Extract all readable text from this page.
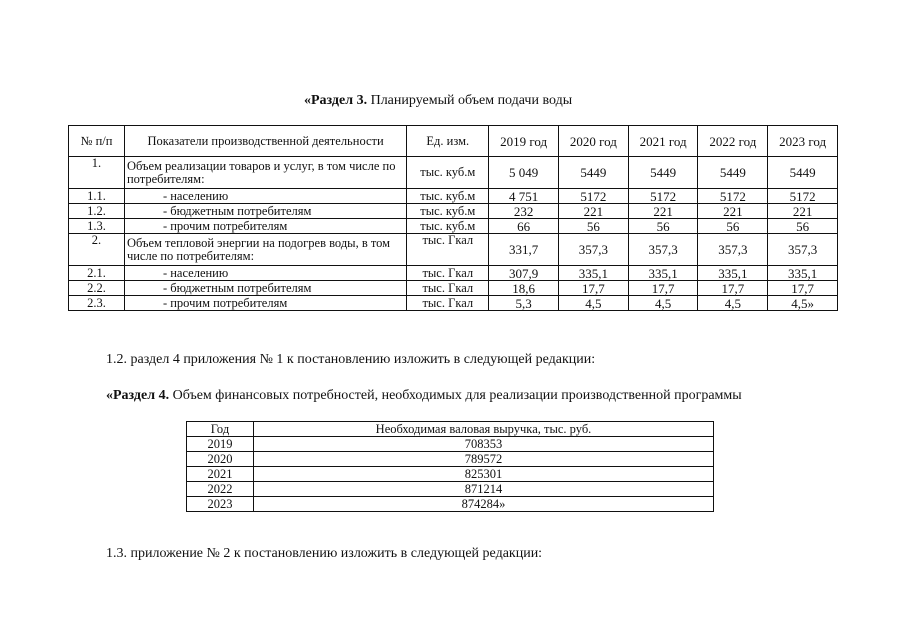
«Раздел 3. Планируемый объем подачи воды
№ п/п	Показатели производственной деятельности	Ед. изм.	2019 год	2020 год	2021 год	2022 год	2023 год
1.	Объем реализации товаров и услуг, в том числе по потребителям:	тыс. куб.м	5 049	5449	5449	5449	5449
1.1.	- населению	тыс. куб.м	4 751	5172	5172	5172	5172
1.2.	- бюджетным потребителям	тыс. куб.м	232	221	221	221	221
1.3.	- прочим потребителям	тыс. куб.м	66	56	56	56	56
2.	Объем тепловой энергии на подогрев воды, в том числе по потребителям:	тыс. Гкал	331,7	357,3	357,3	357,3	357,3
2.1.	- населению	тыс. Гкал	307,9	335,1	335,1	335,1	335,1
2.2.	- бюджетным потребителям	тыс. Гкал	18,6	17,7	17,7	17,7	17,7
2.3.	- прочим потребителям	тыс. Гкал	5,3	4,5	4,5	4,5	4,5»
1.2. раздел 4 приложения № 1 к постановлению изложить в следующей редакции:
«Раздел 4. Объем финансовых потребностей, необходимых для реализации производственной программы
Год	Необходимая валовая выручка, тыс. руб.
2019	708353
2020	789572
2021	825301
2022	871214
2023	874284»
1.3. приложение № 2 к постановлению изложить в следующей редакции:
